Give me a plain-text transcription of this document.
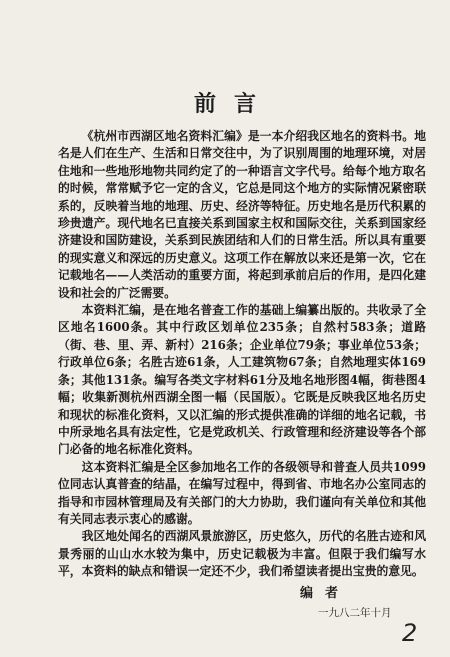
前言

《杭州市西湖区地名资料汇编》是一本介绍我区地名的资料书。地名是人们在生产、生活和日常交往中，为了识别周围的地理环境，对居住地和一些地形地物共同约定了的一种语言文字代号。给每个地方取名的时候，常常赋予它一定的含义，它总是同这个地方的实际情况紧密联系的，反映着当地的地理、历史、经济等特征。历史地名是历代积累的珍贵遗产。现代地名已直接关系到国家主权和国际交往，关系到国家经济建设和国防建设，关系到民族团结和人们的日常生活。所以具有重要的现实意义和深远的历史意义。这项工作在解放以来还是第一次，它在记载地名——人类活动的重要方面，将起到承前启后的作用，是四化建设和社会的广泛需要。

本资料汇编，是在地名普查工作的基础上编纂出版的。共收录了全区地名1600条。其中行政区划单位235条；自然村583条；道路（街、巷、里、弄、新村）216条；企业单位79条；事业单位53条；行政单位6条；名胜古迹61条，人工建筑物67条；自然地理实体169条；其他131条。编写各类文字材料61分及地名地形图4幅，街巷图4幅；收集新测杭州西湖全图一幅（民国版）。它既是反映我区地名历史和现状的标准化资料，又以汇编的形式提供准确的详细的地名记载，书中所录地名具有法定性，它是党政机关、行政管理和经济建设等各个部门必备的地名标准化资料。

这本资料汇编是全区参加地名工作的各级领导和普查人员共1099位同志认真普查的结晶，在编写过程中，得到省、市地名办公室同志的指导和市园林管理局及有关部门的大力协助，我们谨向有关单位和其他有关同志表示衷心的感谢。

我区地处闻名的西湖风景旅游区，历史悠久，历代的名胜古迹和风景秀丽的山山水水较为集中，历史记载极为丰富。但限于我们编写水平，本资料的缺点和错误一定还不少，我们希望读者提出宝贵的意见。

编者
一九八二年十月
2
